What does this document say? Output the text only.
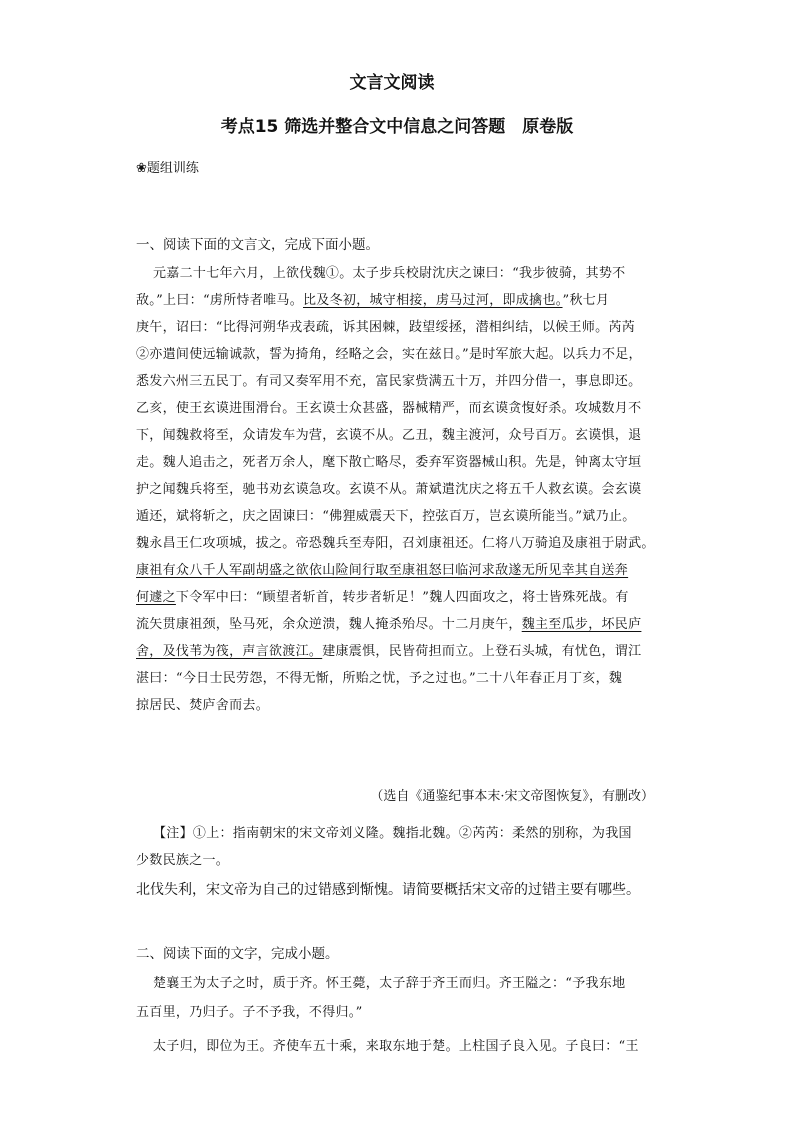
文言文阅读
考点15 筛选并整合文中信息之问答题　原卷版
❀题组训练
一、阅读下面的文言文，完成下面小题。
元嘉二十七年六月，上欲伐魏①。太子步兵校尉沈庆之谏曰：“我步彼骑，其势不
敌。”上曰：“虏所恃者唯马。比及冬初，城守相接，虏马过河，即成擒也。”秋七月
庚午，诏曰：“比得河朔华戎表疏，诉其困棘，跂望绥拯，潜相纠结，以候王师。芮芮
②亦遣间使远输诚款，誓为掎角，经略之会，实在兹日。”是时军旅大起。以兵力不足，
悉发六州三五民丁。有司又奏军用不充，富民家赀满五十万，并四分借一，事息即还。
乙亥，使王玄谟进围滑台。王玄谟士众甚盛，器械精严，而玄谟贪愎好杀。攻城数月不
下，闻魏救将至，众请发车为营，玄谟不从。乙丑，魏主渡河，众号百万。玄谟惧，退
走。魏人追击之，死者万余人，麾下散亡略尽，委弃军资器械山积。先是，钟离太守垣
护之闻魏兵将至，驰书劝玄谟急攻。玄谟不从。萧斌遣沈庆之将五千人救玄谟。会玄谟
遁还，斌将斩之，庆之固谏曰：“佛狸威震天下，控弦百万，岂玄谟所能当。”斌乃止。
魏永昌王仁攻项城，拔之。帝恐魏兵至寿阳，召刘康祖还。仁将八万骑追及康祖于尉武。
康祖有众八千人军副胡盛之欲依山险间行取至康祖怒曰临河求敌遂无所见幸其自送奔
何遽之下令军中曰：“顾望者斩首，转步者斩足！”魏人四面攻之，将士皆殊死战。有
流矢贯康祖颈，坠马死，余众逆溃，魏人掩杀殆尽。十二月庚午，魏主至瓜步，坏民庐
舍，及伐苇为筏，声言欲渡江。建康震惧，民皆荷担而立。上登石头城，有忧色，谓江
湛曰：“今日士民劳怨，不得无惭，所贻之忧，予之过也。”二十八年春正月丁亥，魏
掠居民、焚庐舍而去。
（选自《通鉴纪事本末·宋文帝图恢复》，有删改）
【注】①上：指南朝宋的宋文帝刘义隆。魏指北魏。②芮芮：柔然的别称，为我国
少数民族之一。
北伐失利，宋文帝为自己的过错感到惭愧。请简要概括宋文帝的过错主要有哪些。
二、阅读下面的文字，完成小题。
楚襄王为太子之时，质于齐。怀王薨，太子辞于齐王而归。齐王隘之：“予我东地
五百里，乃归子。子不予我，不得归。”
太子归，即位为王。齐使车五十乘，来取东地于楚。上柱国子良入见。子良曰：“王
